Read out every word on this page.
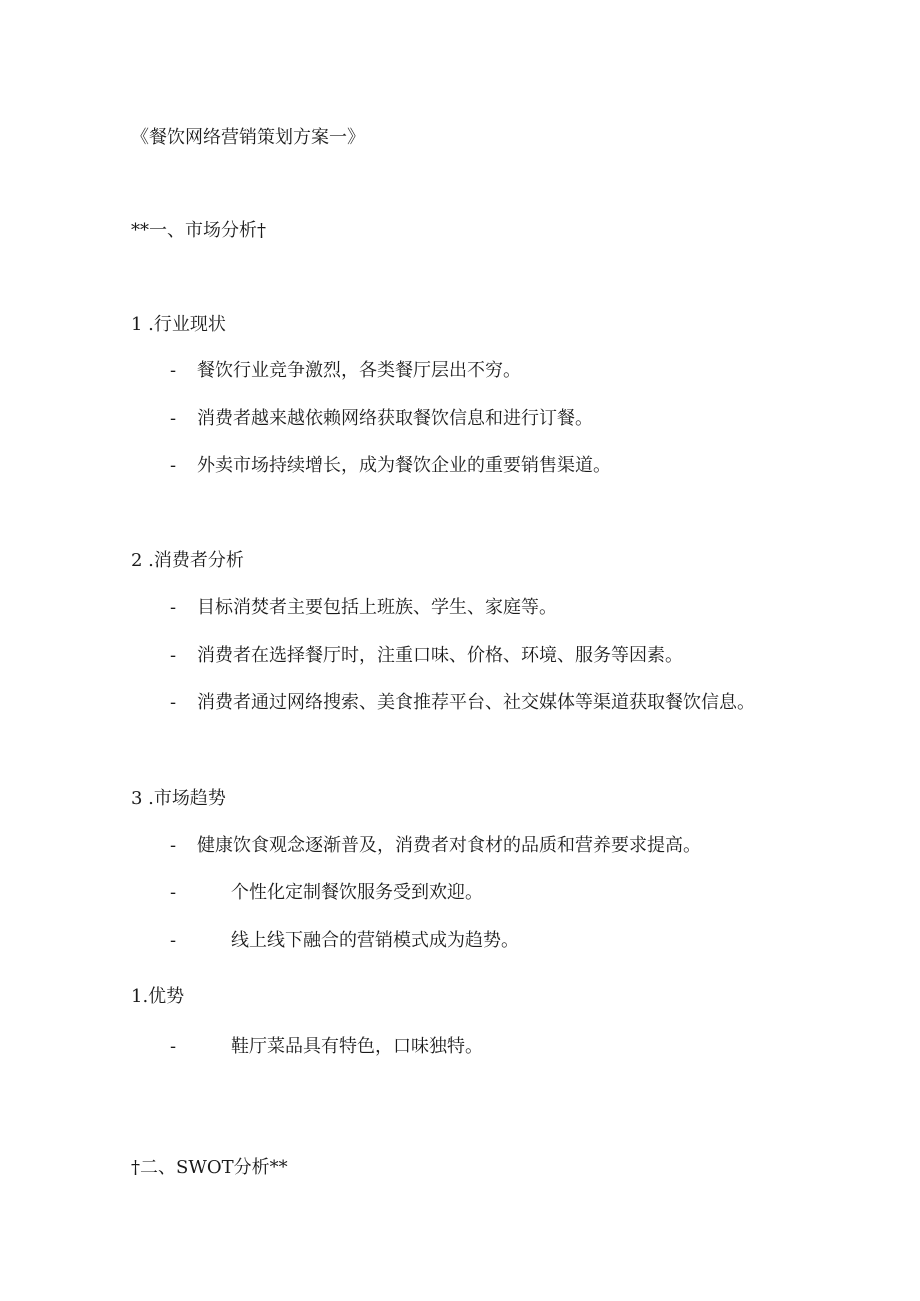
《餐饮网络营销策划方案一》
**一、市场分析†
1 .行业现状
-	餐饮行业竞争激烈，各类餐厅层出不穷。
-	消费者越来越依赖网络获取餐饮信息和进行订餐。
-	外卖市场持续增长，成为餐饮企业的重要销售渠道。
2 .消费者分析
-	目标消焚者主要包括上班族、学生、家庭等。
-	消费者在选择餐厅时，注重口味、价格、环境、服务等因素。
-	消费者通过网络搜索、美食推荐平台、社交媒体等渠道获取餐饮信息。
3 .市场趋势
-	健康饮食观念逐渐普及，消费者对食材的品质和营养要求提高。
-	个性化定制餐饮服务受到欢迎。
-	线上线下融合的营销模式成为趋势。
1.优势
-	鞋厅菜品具有特色，口味独特。
†二、SWOT分析**
